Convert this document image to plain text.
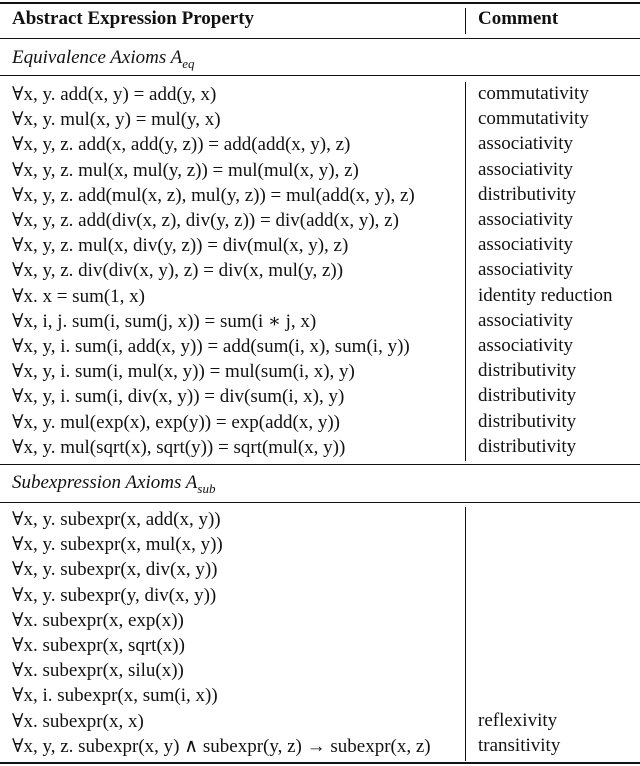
Abstract Expression Property	Comment
Equivalence Axioms $A_{eq}$
∀x, y. add(x, y) = add(y, x)	commutativity
∀x, y. mul(x, y) = mul(y, x)	commutativity
∀x, y, z. add(x, add(y, z)) = add(add(x, y), z)	associativity
∀x, y, z. mul(x, mul(y, z)) = mul(mul(x, y), z)	associativity
∀x, y, z. add(mul(x, z), mul(y, z)) = mul(add(x, y), z)	distributivity
∀x, y, z. add(div(x, z), div(y, z)) = div(add(x, y), z)	associativity
∀x, y, z. mul(x, div(y, z)) = div(mul(x, y), z)	associativity
∀x, y, z. div(div(x, y), z) = div(x, mul(y, z))	associativity
∀x. x = sum(1, x)	identity reduction
∀x, i, j. sum(i, sum(j, x)) = sum(i ∗ j, x)	associativity
∀x, y, i. sum(i, add(x, y)) = add(sum(i, x), sum(i, y))	associativity
∀x, y, i. sum(i, mul(x, y)) = mul(sum(i, x), y)	distributivity
∀x, y, i. sum(i, div(x, y)) = div(sum(i, x), y)	distributivity
∀x, y. mul(exp(x), exp(y)) = exp(add(x, y))	distributivity
∀x, y. mul(sqrt(x), sqrt(y)) = sqrt(mul(x, y))	distributivity
Subexpression Axioms $A_{sub}$
∀x, y. subexpr(x, add(x, y))
∀x, y. subexpr(x, mul(x, y))
∀x, y. subexpr(x, div(x, y))
∀x, y. subexpr(y, div(x, y))
∀x. subexpr(x, exp(x))
∀x. subexpr(x, sqrt(x))
∀x. subexpr(x, silu(x))
∀x, i. subexpr(x, sum(i, x))
∀x. subexpr(x, x)	reflexivity
∀x, y, z. subexpr(x, y) ∧ subexpr(y, z) → subexpr(x, z) transitivity
